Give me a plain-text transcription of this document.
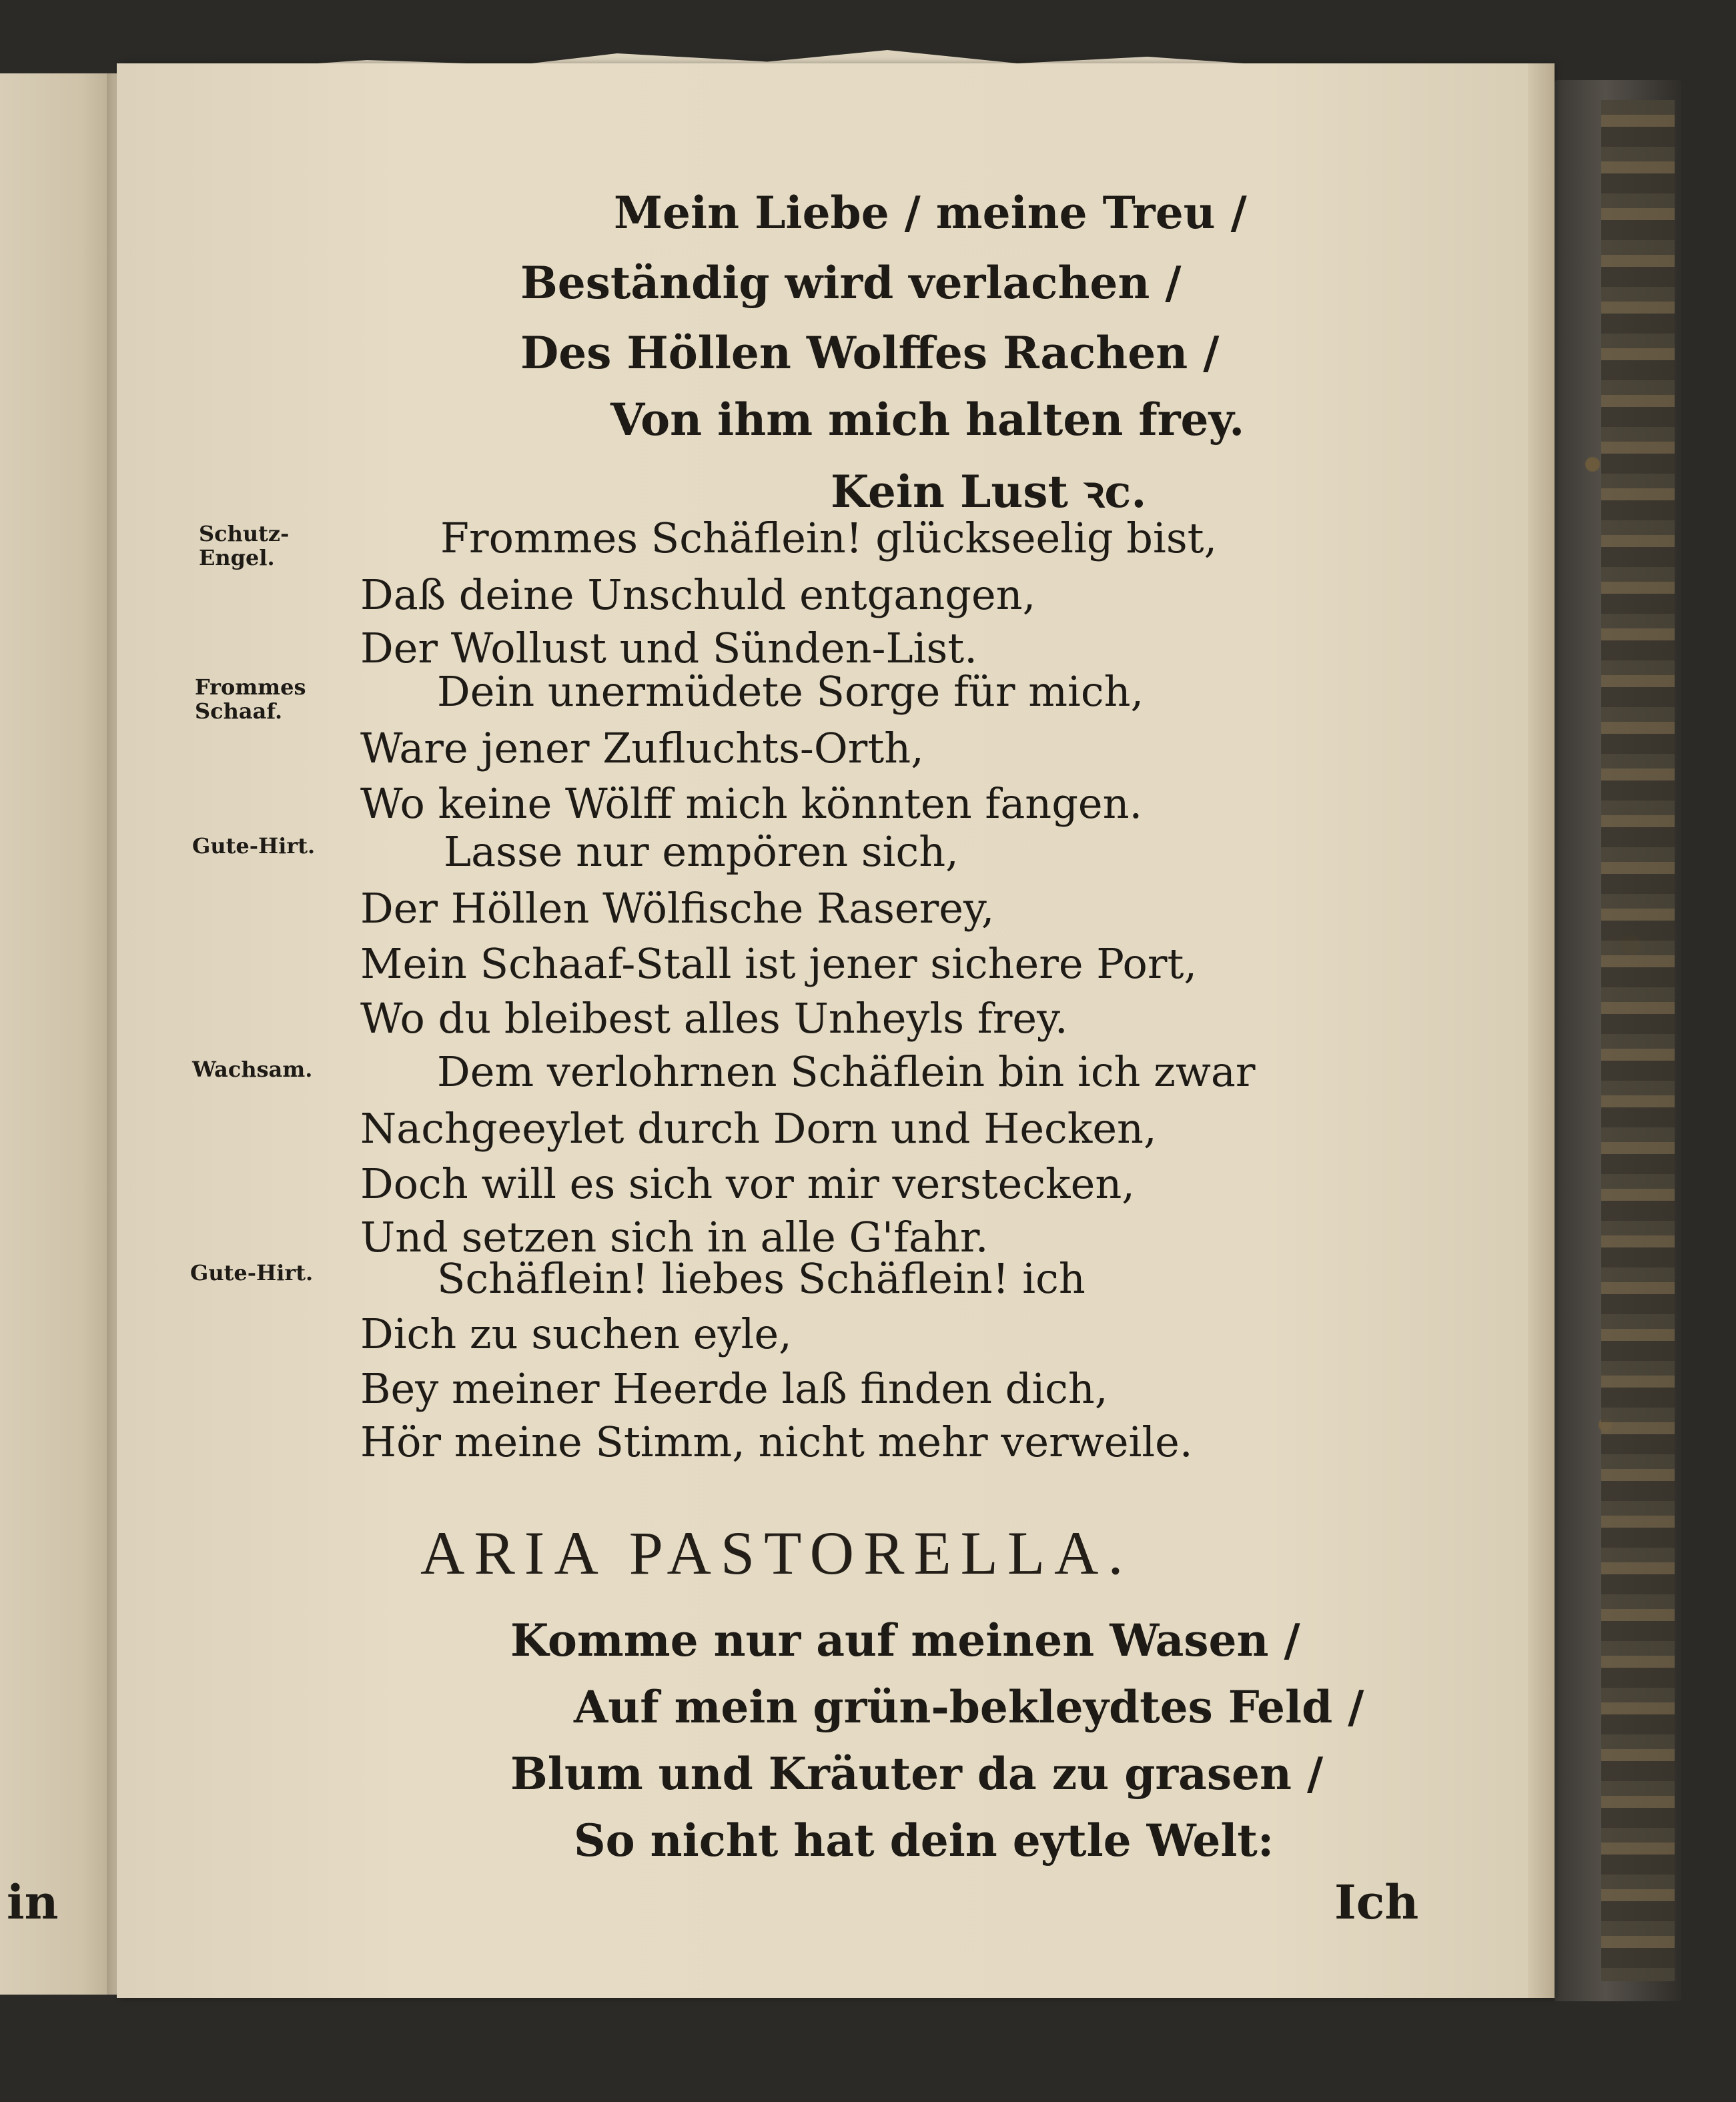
in
Mein Liebe / meine Treu /
Beständig wird verlachen /
Des Höllen Wolffes Rachen /
Von ihm mich halten frey.
Kein Lust ꝛc.
Schutz-Engel.	Frommes Schäflein! glückseelig bist,
Daß deine Unschuld entgangen,
Der Wollust und Sünden-List.
Frommes Schaaf.	Dein unermüdete Sorge für mich,
Ware jener Zufluchts-Orth,
Wo keine Wölff mich könnten fangen.
Gute-Hirt.	Lasse nur empören sich,
Der Höllen Wölfische Raserey,
Mein Schaaf-Stall ist jener sichere Port,
Wo du bleibest alles Unheyls frey.
Wachsam.	Dem verlohrnen Schäflein bin ich zwar
Nachgeeylet durch Dorn und Hecken,
Doch will es sich vor mir verstecken,
Und setzen sich in alle G'fahr.
Gute-Hirt.	Schäflein! liebes Schäflein! ich
Dich zu suchen eyle,
Bey meiner Heerde laß finden dich,
Hör meine Stimm, nicht mehr verweile.
ARIA PASTORELLA.
Komme nur auf meinen Wasen /
Auf mein grün-bekleydtes Feld /
Blum und Kräuter da zu grasen /
So nicht hat dein eytle Welt:
Ich
